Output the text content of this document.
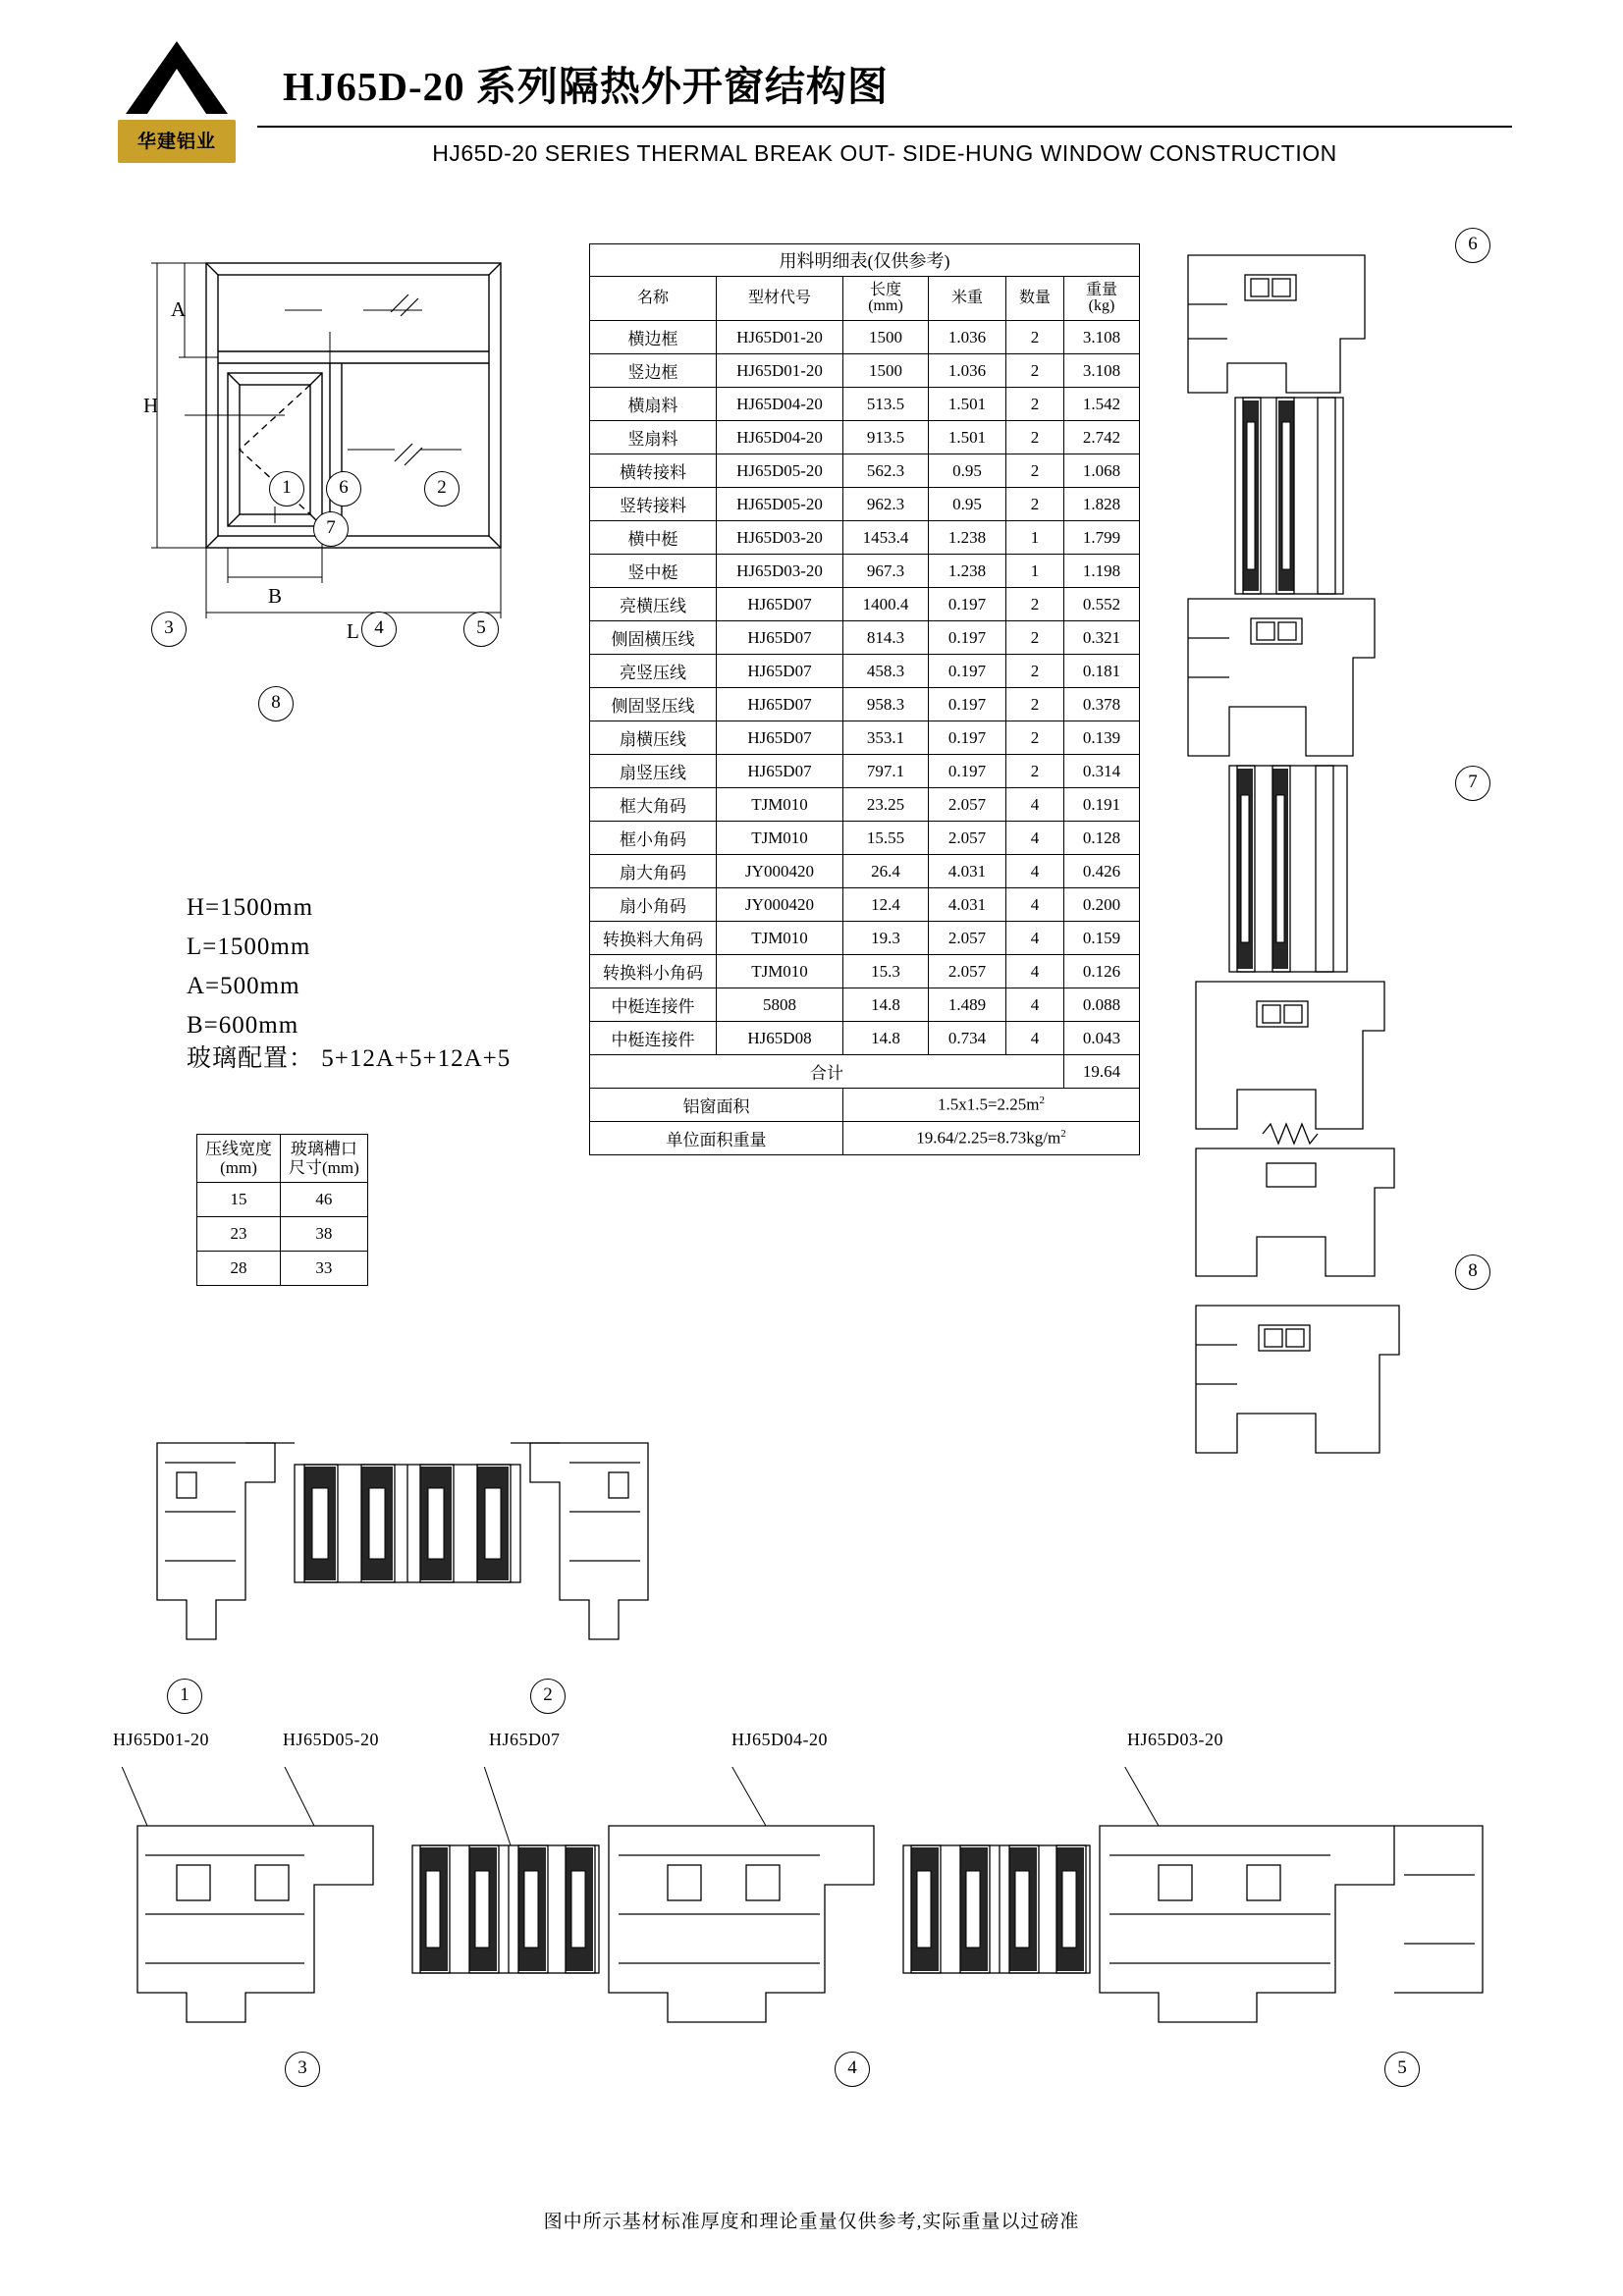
华建铝业
HJ65D-20 系列隔热外开窗结构图
HJ65D-20 SERIES THERMAL BREAK OUT- SIDE-HUNG WINDOW CONSTRUCTION
H
A
B
L
1	2
3	4	5
6
7
8
H=1500mm
L=1500mm
A=500mm
B=600mm
玻璃配置： 5+12A+5+12A+5
压线宽度
(mm)	玻璃槽口
尺寸(mm)
15	46
23	38
28	33
用料明细表(仅供参考)					
名称	型材代号	长度
(mm)	米重	数量	重量
(kg)
横边框	HJ65D01-20	1500	1.036	2	3.108
竖边框	HJ65D01-20	1500	1.036	2	3.108
横扇料	HJ65D04-20	513.5	1.501	2	1.542
竖扇料	HJ65D04-20	913.5	1.501	2	2.742
横转接料	HJ65D05-20	562.3	0.95	2	1.068
竖转接料	HJ65D05-20	962.3	0.95	2	1.828
横中梃	HJ65D03-20	1453.4	1.238	1	1.799
竖中梃	HJ65D03-20	967.3	1.238	1	1.198
亮横压线	HJ65D07	1400.4	0.197	2	0.552
侧固横压线	HJ65D07	814.3	0.197	2	0.321
亮竖压线	HJ65D07	458.3	0.197	2	0.181
侧固竖压线	HJ65D07	958.3	0.197	2	0.378
扇横压线	HJ65D07	353.1	0.197	2	0.139
扇竖压线	HJ65D07	797.1	0.197	2	0.314
框大角码	TJM010	23.25	2.057	4	0.191
框小角码	TJM010	15.55	2.057	4	0.128
扇大角码	JY000420	26.4	4.031	4	0.426
扇小角码	JY000420	12.4	4.031	4	0.200
转换料大角码	TJM010	19.3	2.057	4	0.159
转换料小角码	TJM010	15.3	2.057	4	0.126
中梃连接件	5808	14.8	1.489	4	0.088
中梃连接件	HJ65D08	14.8	0.734	4	0.043
合计					19.64
铝窗面积		$1.5x1.5=2.25m^2$
单位面积重量		$19.64/2.25=8.73kg/m^2$
6
7
8
1	2
HJ65D01-20	HJ65D05-20	HJ65D07	HJ65D04-20	HJ65D03-20
3	4	5
图中所示基材标准厚度和理论重量仅供参考,实际重量以过磅准
